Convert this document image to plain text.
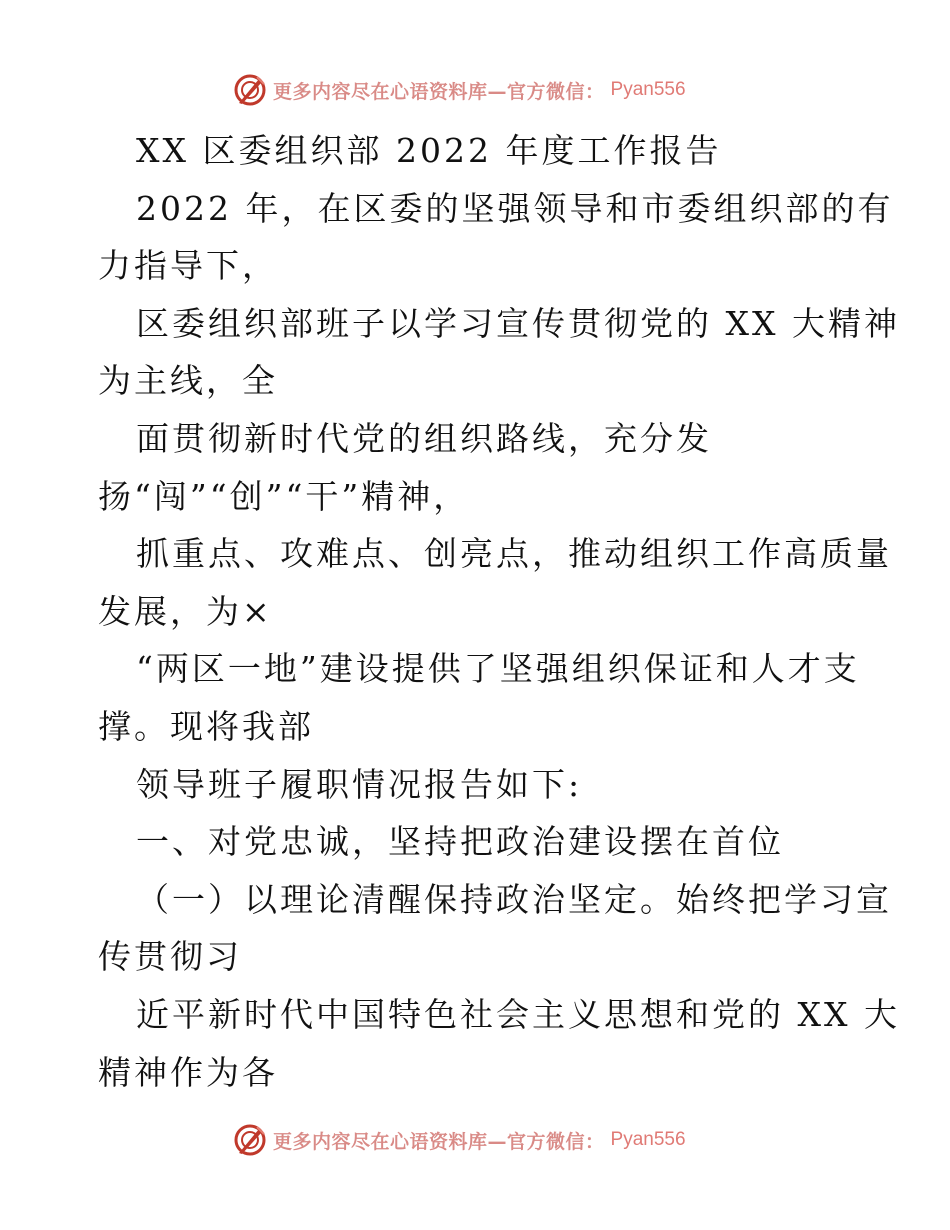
更多内容尽在心语资料库—官方微信： Pyan556
XX 区委组织部 2022 年度工作报告
2022 年，在区委的坚强领导和市委组织部的有
力指导下，
区委组织部班子以学习宣传贯彻党的 XX 大精神
为主线，全
面贯彻新时代党的组织路线，充分发
扬“闯”“创”“干”精神，
抓重点、攻难点、创亮点，推动组织工作高质量
发展，为×
“两区一地”建设提供了坚强组织保证和人才支
撑。现将我部
领导班子履职情况报告如下:
一、对党忠诚，坚持把政治建设摆在首位
（一）以理论清醒保持政治坚定。始终把学习宣
传贯彻习
近平新时代中国特色社会主义思想和党的 XX 大
精神作为各
更多内容尽在心语资料库—官方微信： Pyan556
